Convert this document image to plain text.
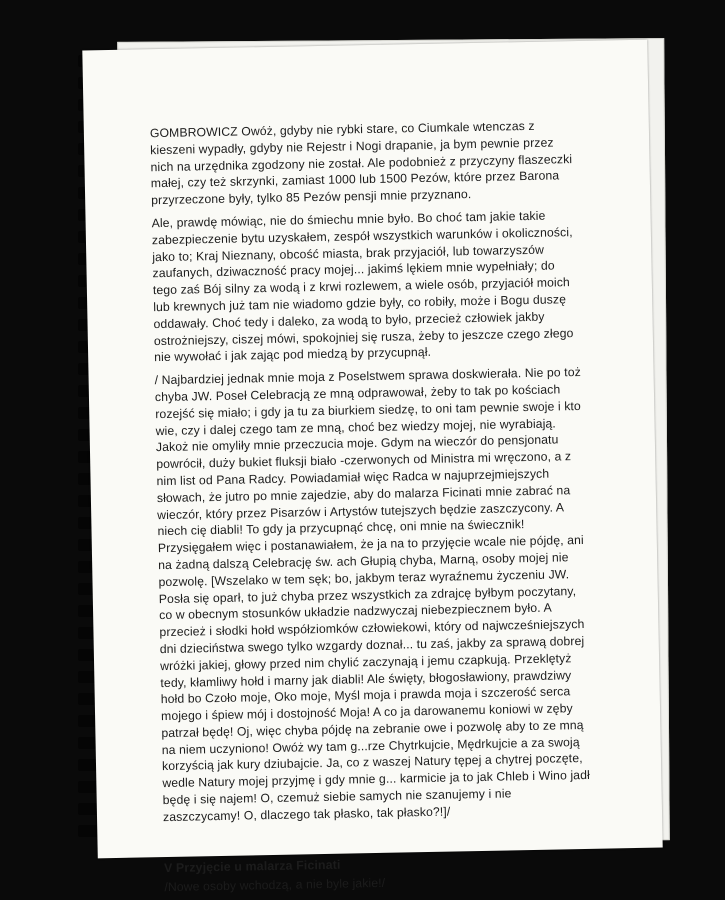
GOMBROWICZ Owóż, gdyby nie rybki stare, co Ciumkale wtenczas z kieszeni wypadły, gdyby nie Rejestr i Nogi drapanie, ja bym pewnie przez nich na urzędnika zgodzony nie został. Ale podobnież z przyczyny flaszeczki małej, czy też skrzynki, zamiast 1000 lub 1500 Pezów, które przez Barona przyrzeczone były, tylko 85 Pezów pensji mnie przyznano.

Ale, prawdę mówiąc, nie do śmiechu mnie było. Bo choć tam jakie takie zabezpieczenie bytu uzyskałem, zespół wszystkich warunków i okoliczności, jako to; Kraj Nieznany, obcość miasta, brak przyjaciół, lub towarzyszów zaufanych, dziwaczność pracy mojej... jakimś lękiem mnie wypełniały; do tego zaś Bój silny za wodą i z krwi rozlewem, a wiele osób, przyjaciół moich lub krewnych już tam nie wiadomo gdzie były, co robiły, może i Bogu duszę oddawały. Choć tedy i daleko, za wodą to było, przecież człowiek jakby ostrożniejszy, ciszej mówi, spokojniej się rusza, żeby to jeszcze czego złego nie wywołać i jak zając pod miedzą by przycupnął.

/ Najbardziej jednak mnie moja z Poselstwem sprawa doskwierała. Nie po toż chyba JW. Poseł Celebracją ze mną odprawował, żeby to tak po kościach rozejść się miało; i gdy ja tu za biurkiem siedzę, to oni tam pewnie swoje i kto wie, czy i dalej czego tam ze mną, choć bez wiedzy mojej, nie wyrabiają. Jakoż nie omyliły mnie przeczucia moje. Gdym na wieczór do pensjonatu powrócił, duży bukiet fluksji biało -czerwonych od Ministra mi wręczono, a z nim list od Pana Radcy. Powiadamiał więc Radca w najuprzejmiejszych słowach, że jutro po mnie zajedzie, aby do malarza Ficinati mnie zabrać na wieczór, który przez Pisarzów i Artystów tutejszych będzie zaszczycony. A niech cię diabli! To gdy ja przycupnąć chcę, oni mnie na świecznik! Przysięgałem więc i postanawiałem, że ja na to przyjęcie wcale nie pójdę, ani na żadną dalszą Celebrację św. ach Głupią chyba, Marną, osoby mojej nie pozwolę. [Wszelako w tem sęk; bo, jakbym teraz wyraźnemu życzeniu JW. Posła się oparł, to już chyba przez wszystkich za zdrajcę byłbym poczytany, co w obecnym stosunków układzie nadzwyczaj niebezpiecznem było. A przecież i słodki hołd współziomków człowiekowi, który od najwcześniejszych dni dzieciństwa swego tylko wzgardy doznał... tu zaś, jakby za sprawą dobrej wróżki jakiej, głowy przed nim chylić zaczynają i jemu czapkują. Przeklętyż tedy, kłamliwy hołd i marny jak diabli! Ale święty, błogosławiony, prawdziwy hołd bo Czoło moje, Oko moje, Myśl moja i prawda moja i szczerość serca mojego i śpiew mój i dostojność Moja! A co ja darowanemu koniowi w zęby patrzał będę! Oj, więc chyba pójdę na zebranie owe i pozwolę aby to ze mną na niem uczyniono! Owóż wy tam g...rze Chytrkujcie, Mędrkujcie a za swoją korzyścią jak kury dziubajcie. Ja, co z waszej Natury tępej a chytrej poczęte, wedle Natury mojej przyjmę i gdy mnie g... karmicie ja to jak Chleb i Wino jadł będę i się najem! O, czemuż siebie samych nie szanujemy i nie zaszczycamy! O, dlaczego tak płasko, tak płasko?!]/

V Przyjęcie u malarza Ficinati
/Nowe osoby wchodzą, a nie byle jakie!/
